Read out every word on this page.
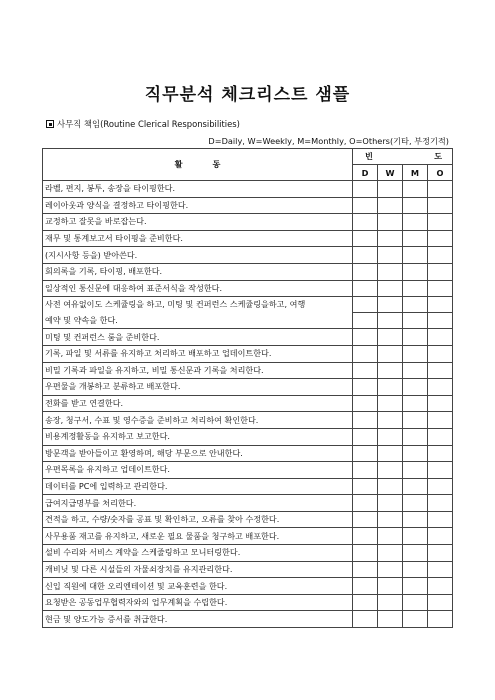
직무분석 체크리스트 샘플
사무직 책임(Routine Clerical Responsibilities)
D=Daily, W=Weekly, M=Monthly, O=Others(기타, 부정기적)
활동	빈 도			

	D	W	M	O
라벨, 편지, 봉투, 송장을 타이핑한다.				
레이아웃과 양식을 결정하고 타이핑한다.				
교정하고 잘못을 바로잡는다.				
재무 및 통계보고서 타이핑을 준비한다.				
(지시사항 등을) 받아쓴다.				
회의록을 기록, 타이핑, 배포한다.				
일상적인 통신문에 대응하여 표준서식을 작성한다.				
사전 여유없이도 스케쥴링을 하고, 미팅 및 컨퍼런스 스케쥴링을하고, 여행				
예약 및 약속을 한다.				
미팅 및 컨퍼런스 룸을 준비한다.				
기록, 파일 및 서류를 유지하고 처리하고 배포하고 업데이트한다.				
비밀 기록과 파일을 유지하고, 비밀 통신문과 기록을 처리한다.				
우편물을 개봉하고 분류하고 배포한다.				
전화를 받고 연결한다.				
송장, 청구서, 수표 및 영수증을 준비하고 처리하여 확인한다.				
비용계정활동을 유지하고 보고한다.				
방문객을 받아들이고 환영하며, 해당 부문으로 안내한다.				
우편목록을 유지하고 업데이트한다.				
데이터를 PC에 입력하고 관리한다.				
급여지급명부를 처리한다.				
견적을 하고, 수량/숫자를 공표 및 확인하고, 오류를 찾아 수정한다.				
사무용품 재고를 유지하고, 새로운 필요 물품을 청구하고 배포한다.				
설비 수리와 서비스 계약을 스케줄링하고 모니터링한다.				
캐비닛 및 다른 시설들의 자물쇠장치를 유지관리한다.				
신입 직원에 대한 오리엔테이션 및 교육훈련을 한다.				
요청받은 공동업무협력자와의 업무계획을 수립한다.				
현금 및 양도가능 증서를 취급한다.				
